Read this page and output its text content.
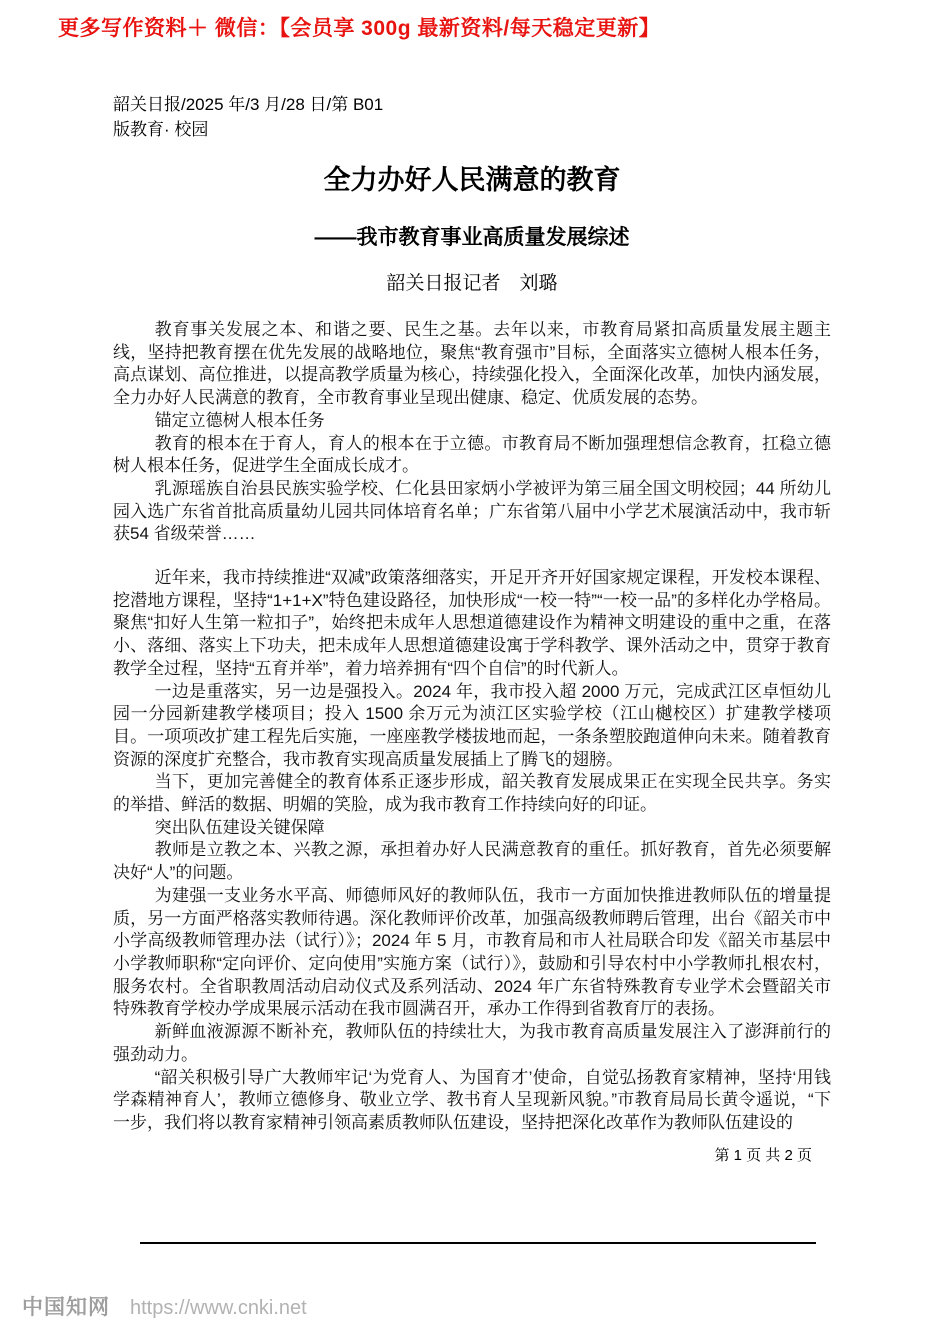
更多写作资料＋ 微信：【会员享 300g 最新资料/每天稳定更新】
韶关日报/2025 年/3 月/28 日/第 B01
版教育· 校园
全力办好人民满意的教育
——我市教育事业高质量发展综述
韶关日报记者　刘璐

教育事关发展之本、和谐之要、民生之基。去年以来，市教育局紧扣高质量发展主题主线，坚持把教育摆在优先发展的战略地位，聚焦“教育强市”目标，全面落实立德树人根本任务，高点谋划、高位推进，以提高教学质量为核心，持续强化投入，全面深化改革，加快内涵发展，全力办好人民满意的教育，全市教育事业呈现出健康、稳定、优质发展的态势。

锚定立德树人根本任务

教育的根本在于育人，育人的根本在于立德。市教育局不断加强理想信念教育，扛稳立德树人根本任务，促进学生全面成长成才。

乳源瑶族自治县民族实验学校、仁化县田家炳小学被评为第三届全国文明校园；44 所幼儿园入选广东省首批高质量幼儿园共同体培育名单；广东省第八届中小学艺术展演活动中，我市斩获54 省级荣誉……

近年来，我市持续推进“双减”政策落细落实，开足开齐开好国家规定课程，开发校本课程、挖潜地方课程，坚持“1+1+X”特色建设路径，加快形成“一校一特”“一校一品”的多样化办学格局。聚焦“扣好人生第一粒扣子”，始终把未成年人思想道德建设作为精神文明建设的重中之重，在落小、落细、落实上下功夫，把未成年人思想道德建设寓于学科教学、课外活动之中，贯穿于教育教学全过程，坚持“五育并举”，着力培养拥有“四个自信”的时代新人。

一边是重落实，另一边是强投入。2024 年，我市投入超 2000 万元，完成武江区卓恒幼儿园一分园新建教学楼项目；投入 1500 余万元为浈江区实验学校（江山樾校区）扩建教学楼项目。一项项改扩建工程先后实施，一座座教学楼拔地而起，一条条塑胶跑道伸向未来。随着教育资源的深度扩充整合，我市教育实现高质量发展插上了腾飞的翅膀。

当下，更加完善健全的教育体系正逐步形成，韶关教育发展成果正在实现全民共享。务实的举措、鲜活的数据、明媚的笑脸，成为我市教育工作持续向好的印证。

突出队伍建设关键保障

教师是立教之本、兴教之源，承担着办好人民满意教育的重任。抓好教育，首先必须要解决好“人”的问题。

为建强一支业务水平高、师德师风好的教师队伍，我市一方面加快推进教师队伍的增量提质，另一方面严格落实教师待遇。深化教师评价改革，加强高级教师聘后管理，出台《韶关市中小学高级教师管理办法（试行）》；2024 年 5 月，市教育局和市人社局联合印发《韶关市基层中小学教师职称“定向评价、定向使用”实施方案（试行）》，鼓励和引导农村中小学教师扎根农村，服务农村。全省职教周活动启动仪式及系列活动、2024 年广东省特殊教育专业学术会暨韶关市特殊教育学校办学成果展示活动在我市圆满召开，承办工作得到省教育厅的表扬。

新鲜血液源源不断补充，教师队伍的持续壮大，为我市教育高质量发展注入了澎湃前行的强劲动力。

“韶关积极引导广大教师牢记‘为党育人、为国育才’使命，自觉弘扬教育家精神，坚持‘用钱学森精神育人’，教师立德修身、敬业立学、教书育人呈现新风貌。”市教育局局长黄令遥说，“下一步，我们将以教育家精神引领高素质教师队伍建设，坚持把深化改革作为教师队伍建设的

第 1 页 共 2 页
中国知网 https://www.cnki.net
